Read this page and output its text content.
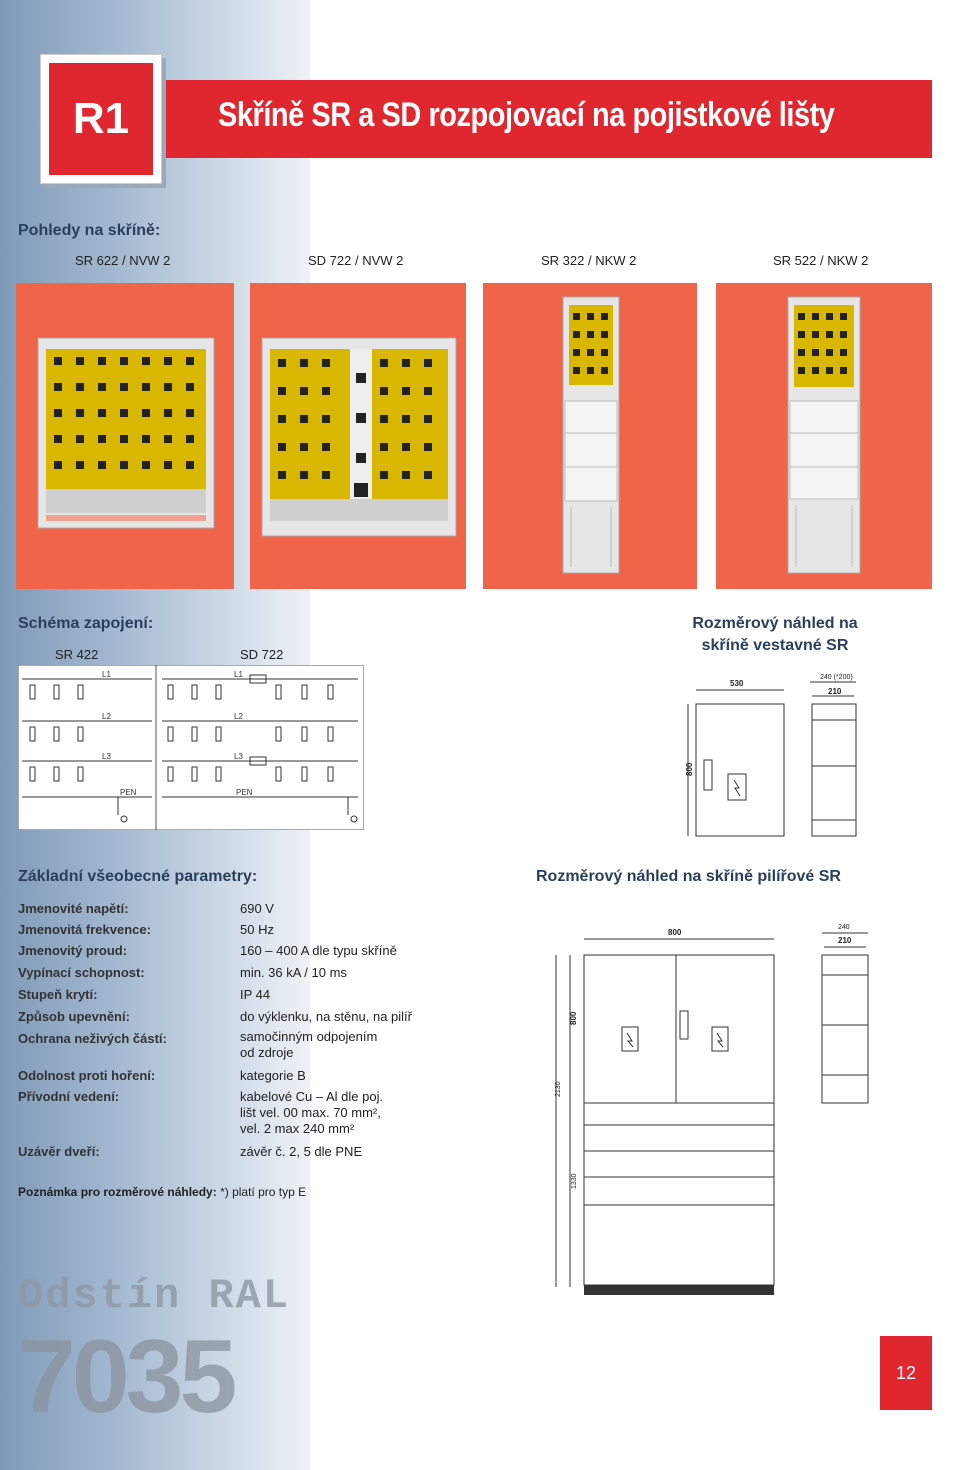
R1	Skříně SR a SD rozpojovací na pojistkové lišty
Pohledy na skříně:
SR 622 / NVW 2	SD 722 / NVW 2	SR 322 / NKW 2	SR 522 / NKW 2
Schéma zapojení:
SR 422	SD 722
L1
L2
L3
PEN
L1
L2
L3
PEN
Rozměrový náhled na
skříně vestavné SR
530
240 (*200)
210
800
Základní všeobecné parametry:
Jmenovité napětí:	690 V
Jmenovitá frekvence:	50 Hz
Jmenovitý proud:	160 – 400 A dle typu skříně
Vypínací schopnost:	min. 36 kA / 10 ms
Stupeň krytí:	IP 44
Způsob upevnění:	do výklenku, na stěnu, na pilíř
Ochrana neživých částí:	samočinným odpojením
od zdroje
Odolnost proti hoření:	kategorie B
Přívodní vedení:	kabelové Cu – Al dle poj.
lišt vel. 00 max. 70 mm²,
vel. 2 max 240 mm²
Uzávěr dveří:	závěr č. 2, 5 dle PNE
Rozměrový náhled na skříně pilířové SR
800
240
210
800
2130
1330
Poznámka pro rozměrové náhledy: *) platí pro typ E
Odstín RAL
7035	12
